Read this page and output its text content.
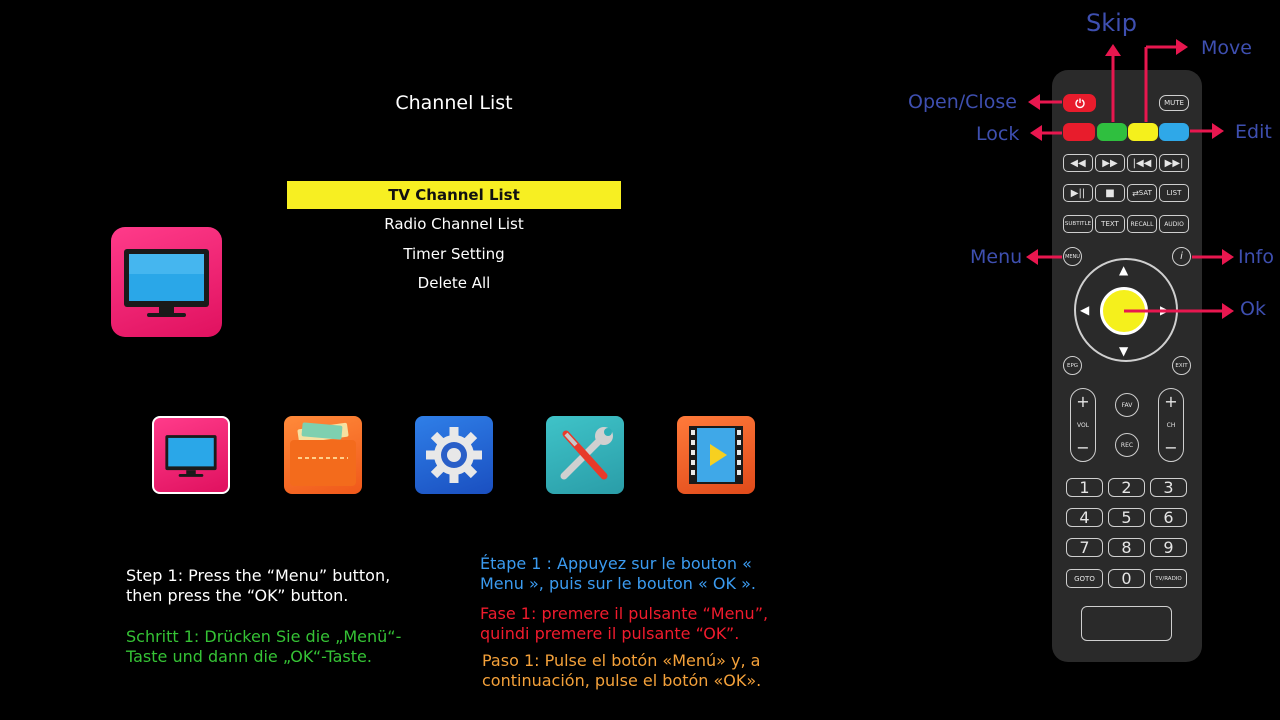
Channel List
TV Channel List
Radio Channel List
Timer Setting
Delete All
Step 1: Press the “Menu” button, then press the “OK” button.
Schritt 1: Drücken Sie die „Menü“-Taste und dann die „OK“-Taste.
Étape 1 : Appuyez sur le bouton « Menu », puis sur le bouton « OK ».
Fase 1: premere il pulsante “Menu”, quindi premere il pulsante “OK”.
Paso 1: Pulse el botón «Menú» y, a continuación, pulse el botón «OK».
MUTE
◀◀ ▶▶ |◀◀ ▶▶|
▶|| ■ ⇄ SAT	LIST
SUBTITLE	TEXT	RECALL	AUDIO
MENU	i
▲
▼
◀	▶
EPG	EXIT
+
VOL
−
+
CH
−
FAV
REC
1	2	3
4	5	6
7	8	9
GOTO	0	TV/RADIO
Skip
Move
Open/Close
Lock	Edit
Menu	Info
Ok
